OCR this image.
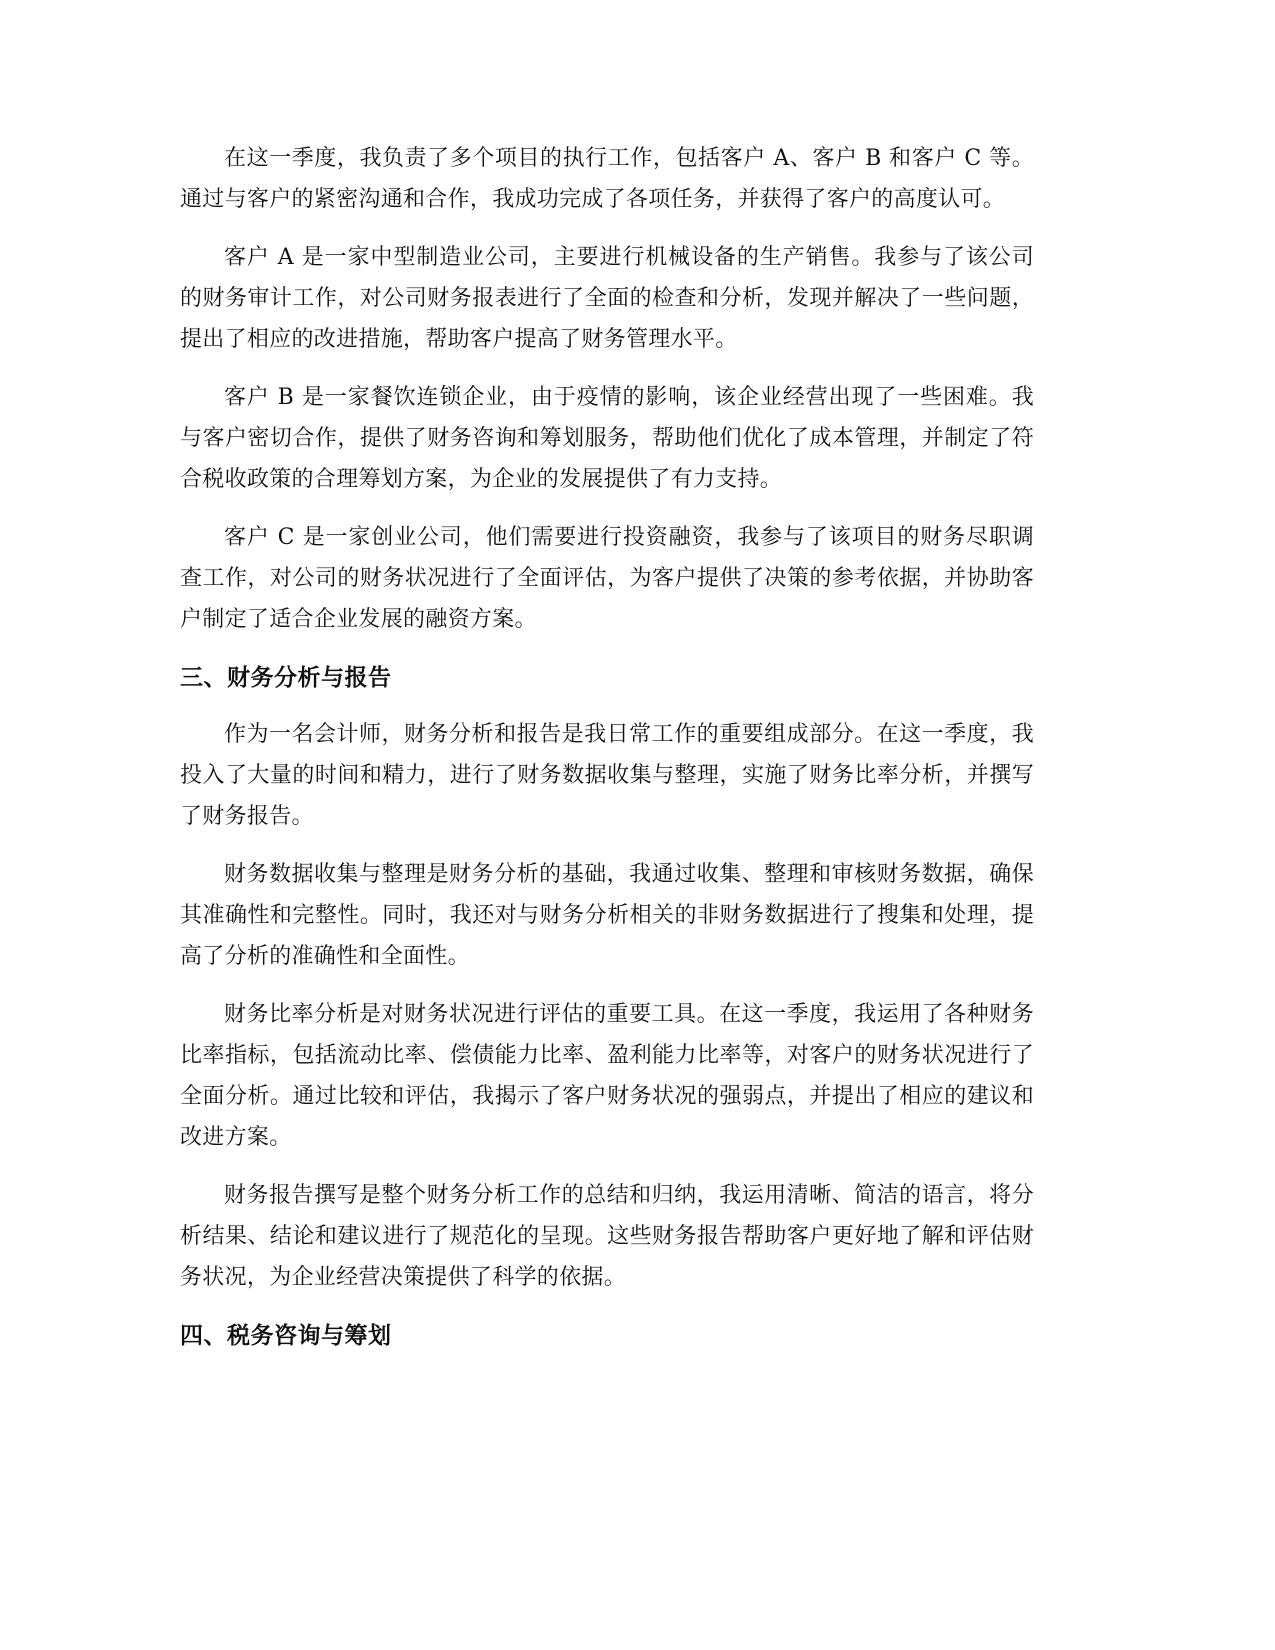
在这一季度，我负责了多个项目的执行工作，包括客户 A、客户 B 和客户 C 等。通过与客户的紧密沟通和合作，我成功完成了各项任务，并获得了客户的高度认可。

客户 A 是一家中型制造业公司，主要进行机械设备的生产销售。我参与了该公司的财务审计工作，对公司财务报表进行了全面的检查和分析，发现并解决了一些问题，提出了相应的改进措施，帮助客户提高了财务管理水平。

客户 B 是一家餐饮连锁企业，由于疫情的影响，该企业经营出现了一些困难。我与客户密切合作，提供了财务咨询和筹划服务，帮助他们优化了成本管理，并制定了符合税收政策的合理筹划方案，为企业的发展提供了有力支持。

客户 C 是一家创业公司，他们需要进行投资融资，我参与了该项目的财务尽职调查工作，对公司的财务状况进行了全面评估，为客户提供了决策的参考依据，并协助客户制定了适合企业发展的融资方案。

三、财务分析与报告

作为一名会计师，财务分析和报告是我日常工作的重要组成部分。在这一季度，我投入了大量的时间和精力，进行了财务数据收集与整理，实施了财务比率分析，并撰写了财务报告。

财务数据收集与整理是财务分析的基础，我通过收集、整理和审核财务数据，确保其准确性和完整性。同时，我还对与财务分析相关的非财务数据进行了搜集和处理，提高了分析的准确性和全面性。

财务比率分析是对财务状况进行评估的重要工具。在这一季度，我运用了各种财务比率指标，包括流动比率、偿债能力比率、盈利能力比率等，对客户的财务状况进行了全面分析。通过比较和评估，我揭示了客户财务状况的强弱点，并提出了相应的建议和改进方案。

财务报告撰写是整个财务分析工作的总结和归纳，我运用清晰、简洁的语言，将分析结果、结论和建议进行了规范化的呈现。这些财务报告帮助客户更好地了解和评估财务状况，为企业经营决策提供了科学的依据。

四、税务咨询与筹划
